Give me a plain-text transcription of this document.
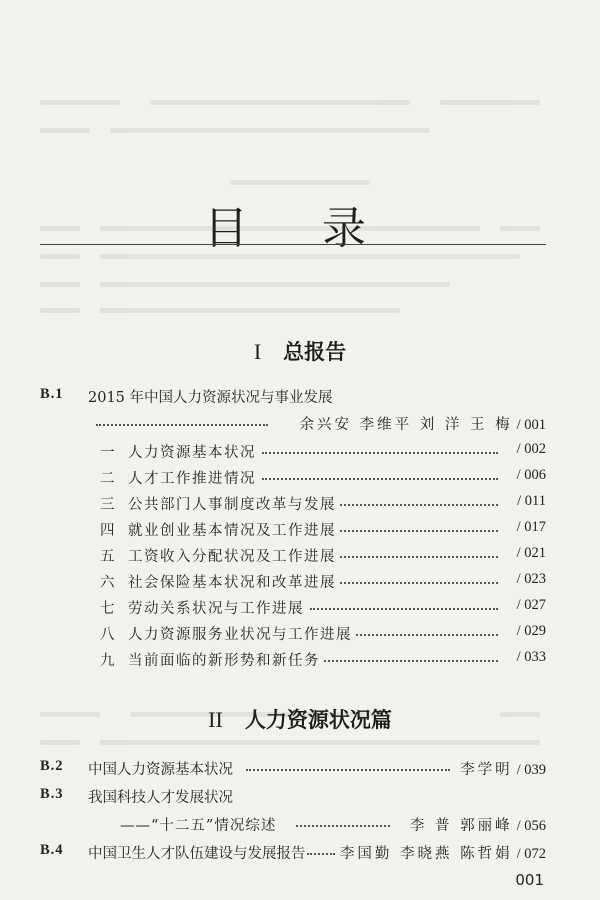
目 录
I 总报告
B.1 2015 年中国人力资源状况与事业发展
余兴安 李维平 刘 洋 王 梅 / 001
一 人力资源基本状况	/ 002
二 人才工作推进情况	/ 006
三 公共部门人事制度改革与发展	/ 011
四 就业创业基本情况及工作进展	/ 017
五 工资收入分配状况及工作进展	/ 021
六 社会保险基本状况和改革进展	/ 023
七 劳动关系状况与工作进展	/ 027
八 人力资源服务业状况与工作进展	/ 029
九 当前面临的新形势和新任务	/ 033
II 人力资源状况篇
B.2 中国人力资源基本状况	李学明 / 039
B.3 我国科技人才发展状况
——“十二五”情况综述	李 普 郭丽峰 / 056
B.4 中国卫生人才队伍建设与发展报告 李国勤 李晓燕 陈哲娟 / 072
001
